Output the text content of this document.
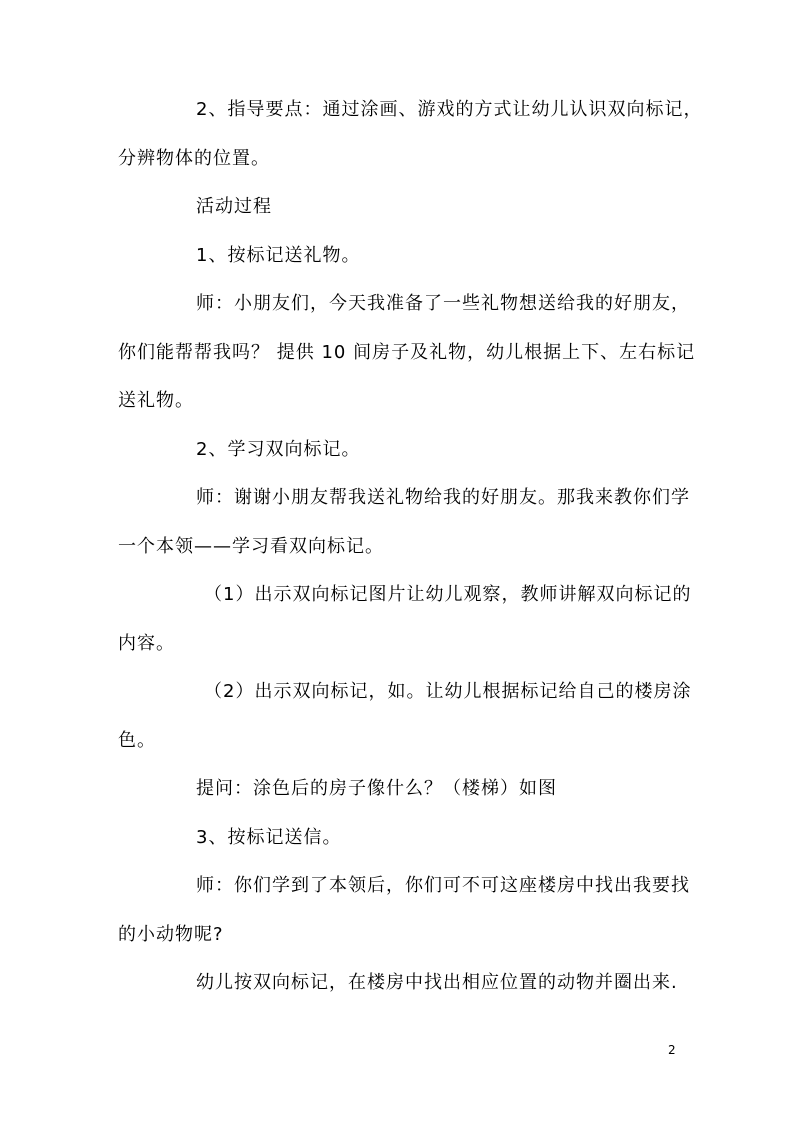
2、指导要点：通过涂画、游戏的方式让幼儿认识双向标记，
分辨物体的位置。
活动过程
1、按标记送礼物。
师：小朋友们，今天我准备了一些礼物想送给我的好朋友，
你们能帮帮我吗？ 提供 10 间房子及礼物，幼儿根据上下、左右标记
送礼物。
2、学习双向标记。
师：谢谢小朋友帮我送礼物给我的好朋友。那我来教你们学
一个本领——学习看双向标记。
（1）出示双向标记图片让幼儿观察，教师讲解双向标记的
内容。
（2）出示双向标记，如。让幼儿根据标记给自己的楼房涂
色。
提问：涂色后的房子像什么？（楼梯）如图
3、按标记送信。
师：你们学到了本领后，你们可不可这座楼房中找出我要找
的小动物呢?
幼儿按双向标记，在楼房中找出相应位置的动物并圈出来.
2
